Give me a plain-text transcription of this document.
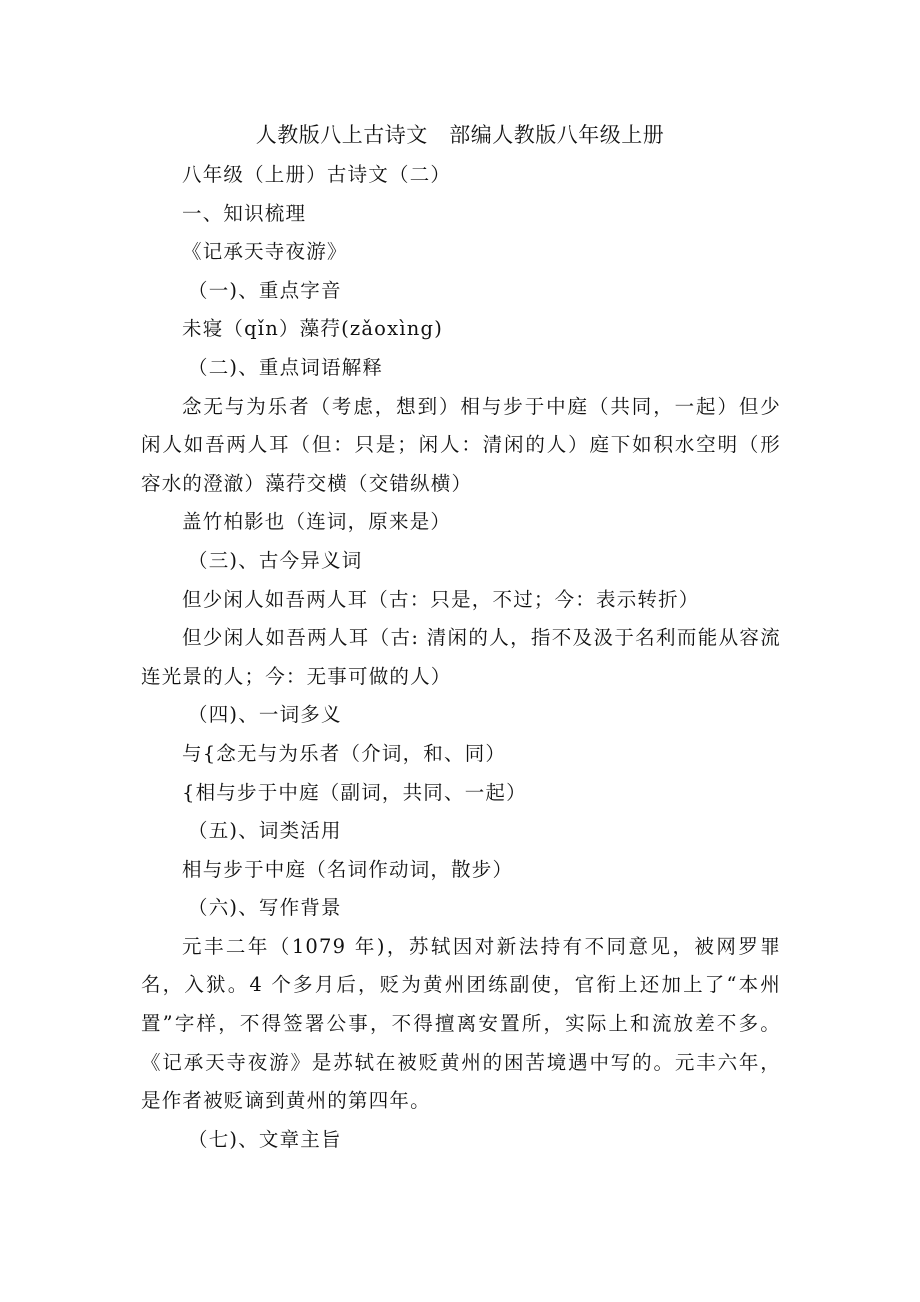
人教版八上古诗文　部编人教版八年级上册

八年级（上册）古诗文（二）

一、知识梳理

《记承天寺夜游》

（一)、重点字音

未寝（qǐn）藻荇(zǎoxìng)

（二)、重点词语解释

念无与为乐者（考虑，想到）相与步于中庭（共同，一起）但少闲人如吾两人耳（但：只是；闲人：清闲的人）庭下如积水空明（形容水的澄澈）藻荇交横（交错纵横）

盖竹柏影也（连词，原来是）

（三)、古今异义词

但少闲人如吾两人耳（古：只是，不过；今：表示转折）

但少闲人如吾两人耳（古: 清闲的人，指不及汲于名利而能从容流连光景的人；今：无事可做的人）

（四)、一词多义

与{念无与为乐者（介词，和、同）

{相与步于中庭（副词，共同、一起）

（五)、词类活用

相与步于中庭（名词作动词，散步）

（六)、写作背景

元丰二年（1079 年)，苏轼因对新法持有不同意见，被网罗罪名，入狱。4 个多月后，贬为黄州团练副使，官衔上还加上了“本州置”字样，不得签署公事，不得擅离安置所，实际上和流放差不多。《记承天寺夜游》是苏轼在被贬黄州的困苦境遇中写的。元丰六年，是作者被贬谪到黄州的第四年。

（七)、文章主旨
